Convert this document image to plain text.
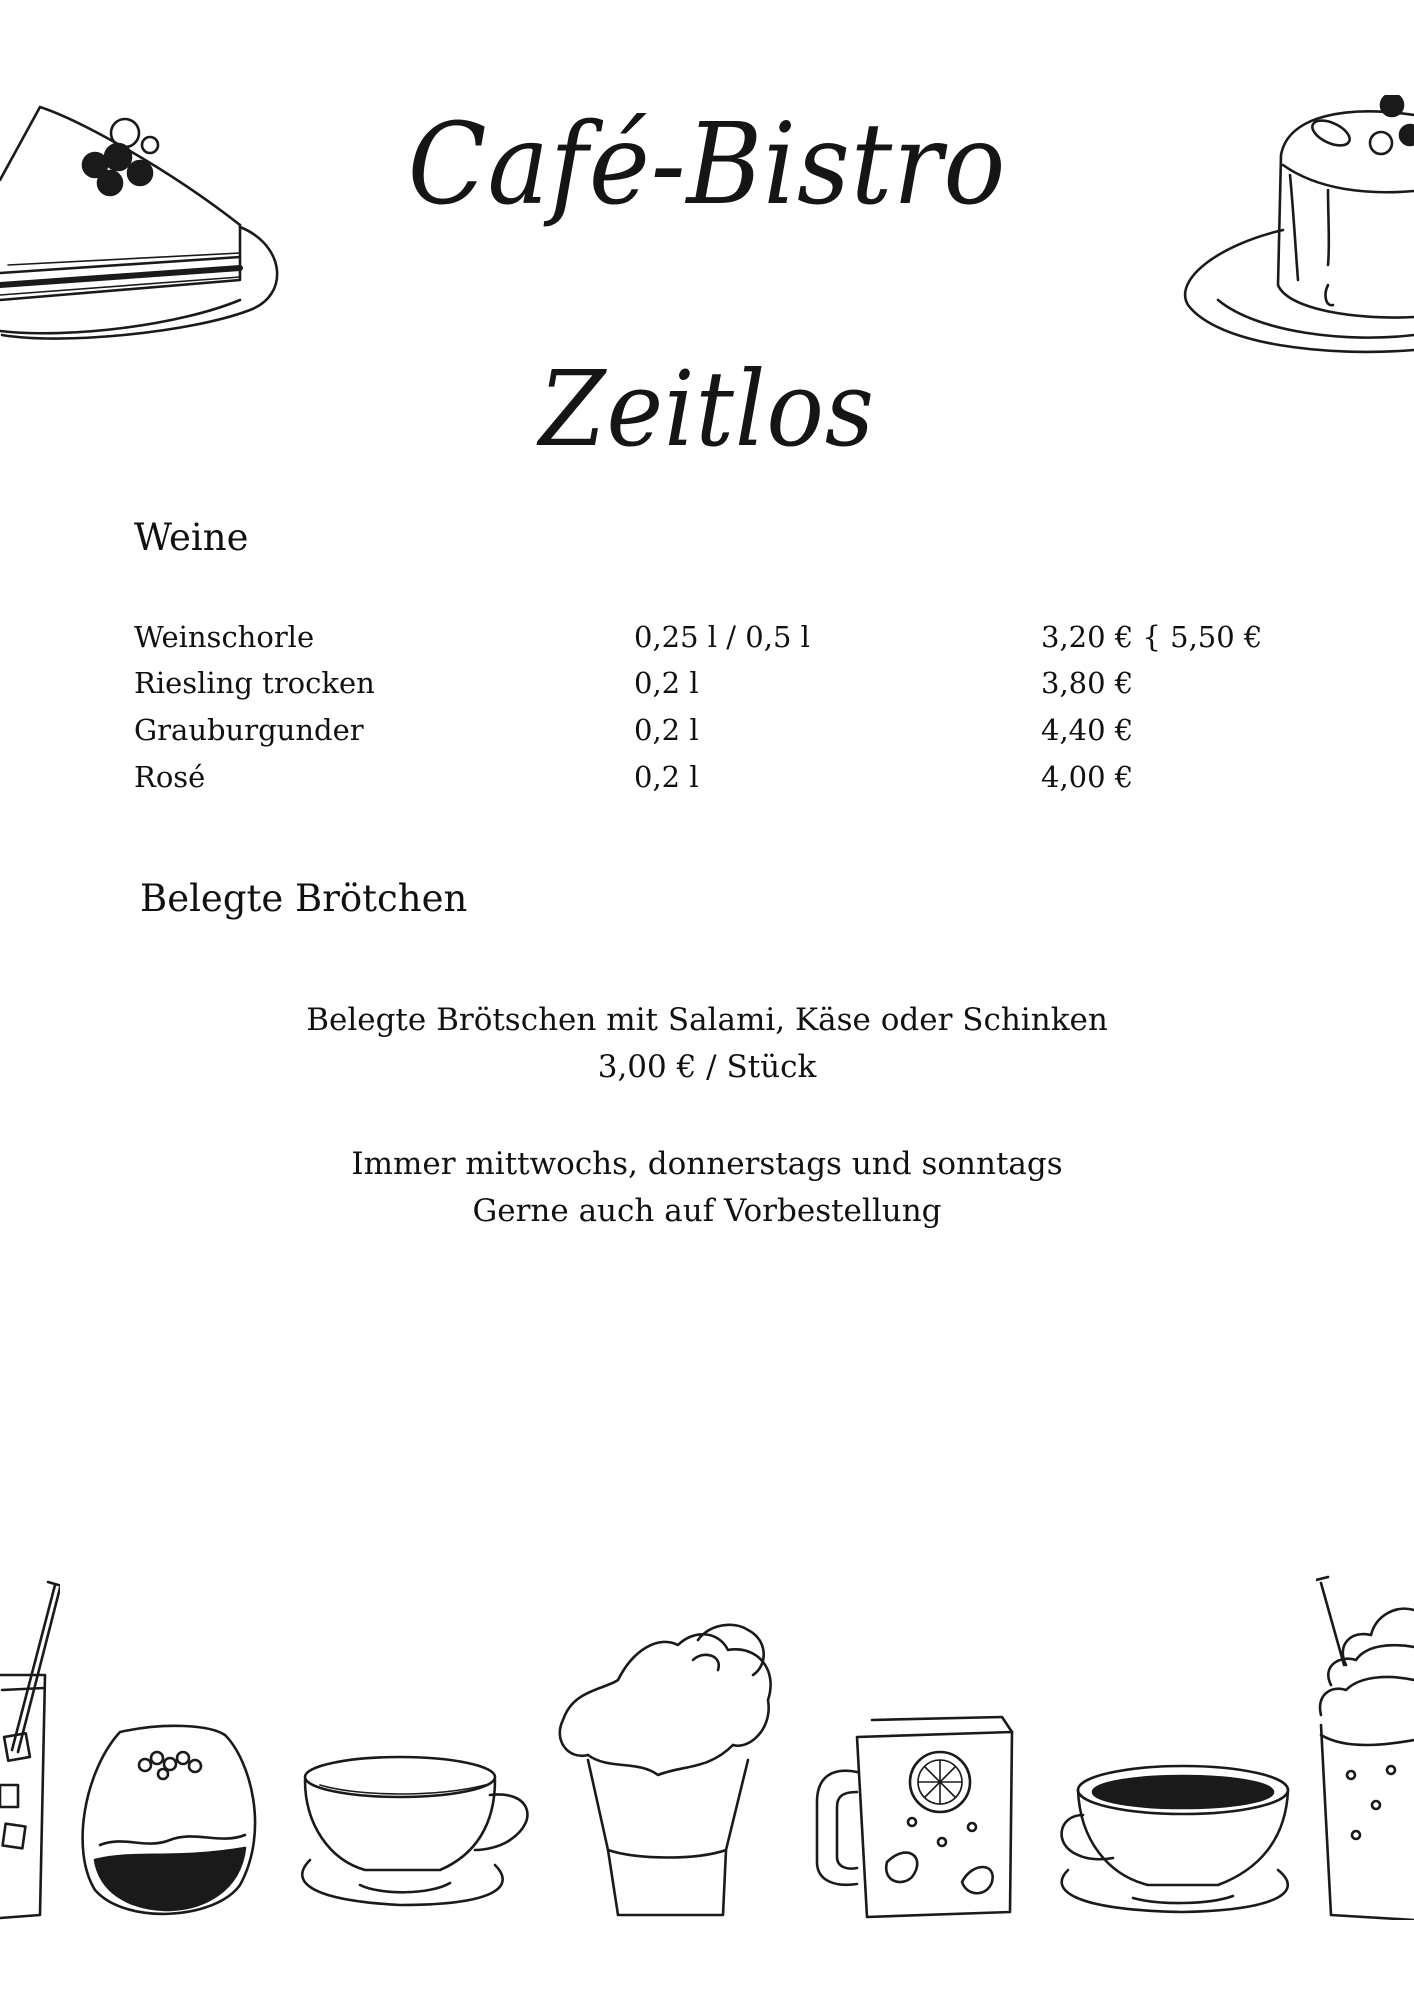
Café-Bistro
Zeitlos
Weine
Weinschorle	0,25 l / 0,5 l	3,20 € { 5,50 €
Riesling trocken	0,2 l	3,80 €
Grauburgunder	0,2 l	4,40 €
Rosé	0,2 l	4,00 €
Belegte Brötchen
Belegte Brötschen mit Salami, Käse oder Schinken
3,00 € / Stück
Immer mittwochs, donnerstags und sonntags
Gerne auch auf Vorbestellung
